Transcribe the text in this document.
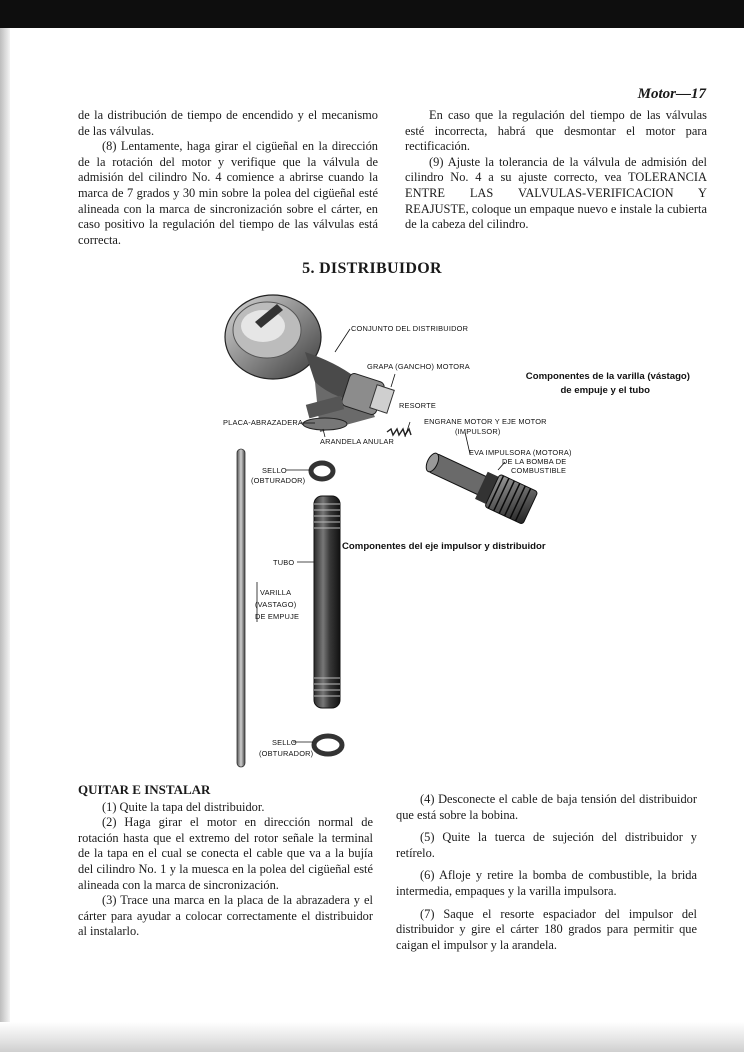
Motor—17

de la distribución de tiempo de encendido y el mecanismo de las válvulas.

(8) Lentamente, haga girar el cigüeñal en la dirección de la rotación del motor y verifique que la válvula de admisión del cilindro No. 4 comience a abrirse cuando la marca de 7 grados y 30 min sobre la polea del cigüeñal esté alineada con la marca de sincronización sobre el cárter, en caso positivo la regulación del tiempo de las válvulas está correcta.

En caso que la regulación del tiempo de las válvulas esté incorrecta, habrá que desmontar el motor para rectificación.

(9) Ajuste la tolerancia de la válvula de admisión del cilindro No. 4 a su ajuste correcto, vea TOLERANCIA ENTRE LAS VALVULAS-VERIFICACION Y REAJUSTE, coloque un empaque nuevo e instale la cubierta de la cabeza del cilindro.

5. DISTRIBUIDOR
CONJUNTO DEL DISTRIBUIDOR
GRAPA (GANCHO) MOTORA
RESORTE
ENGRANE MOTOR Y EJE MOTOR
(IMPULSOR)
PLACA-ABRAZADERA
ARANDELA ANULAR
EVA IMPULSORA (MOTORA)
DE LA BOMBA DE
COMBUSTIBLE
SELLO
(OBTURADOR)
TUBO
VARILLA
(VASTAGO)
DE EMPUJE
SELLO
(OBTURADOR)
Componentes de la varilla (vástago)
de empuje y el tubo
Componentes del eje impulsor y distribuidor
QUITAR E INSTALAR

(1) Quite la tapa del distribuidor.

(2) Haga girar el motor en dirección normal de rotación hasta que el extremo del rotor señale la terminal de la tapa en el cual se conecta el cable que va a la bujía del cilindro No. 1 y la muesca en la polea del cigüeñal esté alineada con la marca de sincronización.

(3) Trace una marca en la placa de la abrazadera y el cárter para ayudar a colocar correctamente el distribuidor al instalarlo.

(4) Desconecte el cable de baja tensión del distribuidor que está sobre la bobina.

(5) Quite la tuerca de sujeción del distribuidor y retírelo.

(6) Afloje y retire la bomba de combustible, la brida intermedia, empaques y la varilla impulsora.

(7) Saque el resorte espaciador del impulsor del distribuidor y gire el cárter 180 grados para permitir que caigan el impulsor y la arandela.
